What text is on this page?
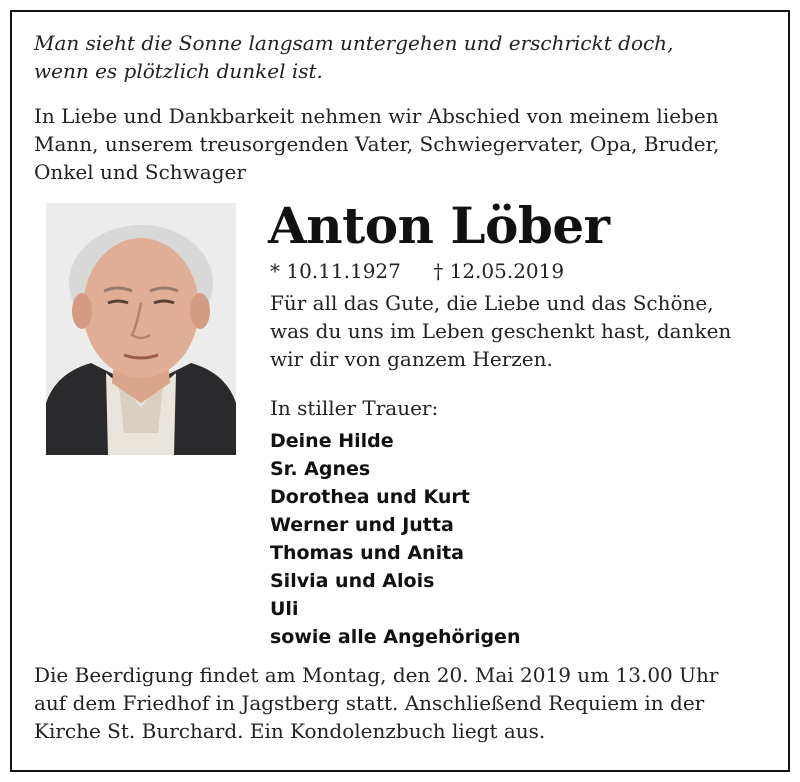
Man sieht die Sonne langsam untergehen und erschrickt doch,
wenn es plötzlich dunkel ist.
In Liebe und Dankbarkeit nehmen wir Abschied von meinem lieben
Mann, unserem treusorgenden Vater, Schwiegervater, Opa, Bruder,
Onkel und Schwager
Anton Löber
* 10.11.1927 † 12.05.2019
Für all das Gute, die Liebe und das Schöne,
was du uns im Leben geschenkt hast, danken
wir dir von ganzem Herzen.
In stiller Trauer:
Deine Hilde
Sr. Agnes
Dorothea und Kurt
Werner und Jutta
Thomas und Anita
Silvia und Alois
Uli
sowie alle Angehörigen
Die Beerdigung findet am Montag, den 20. Mai 2019 um 13.00 Uhr
auf dem Friedhof in Jagstberg statt. Anschließend Requiem in der
Kirche St. Burchard. Ein Kondolenzbuch liegt aus.
